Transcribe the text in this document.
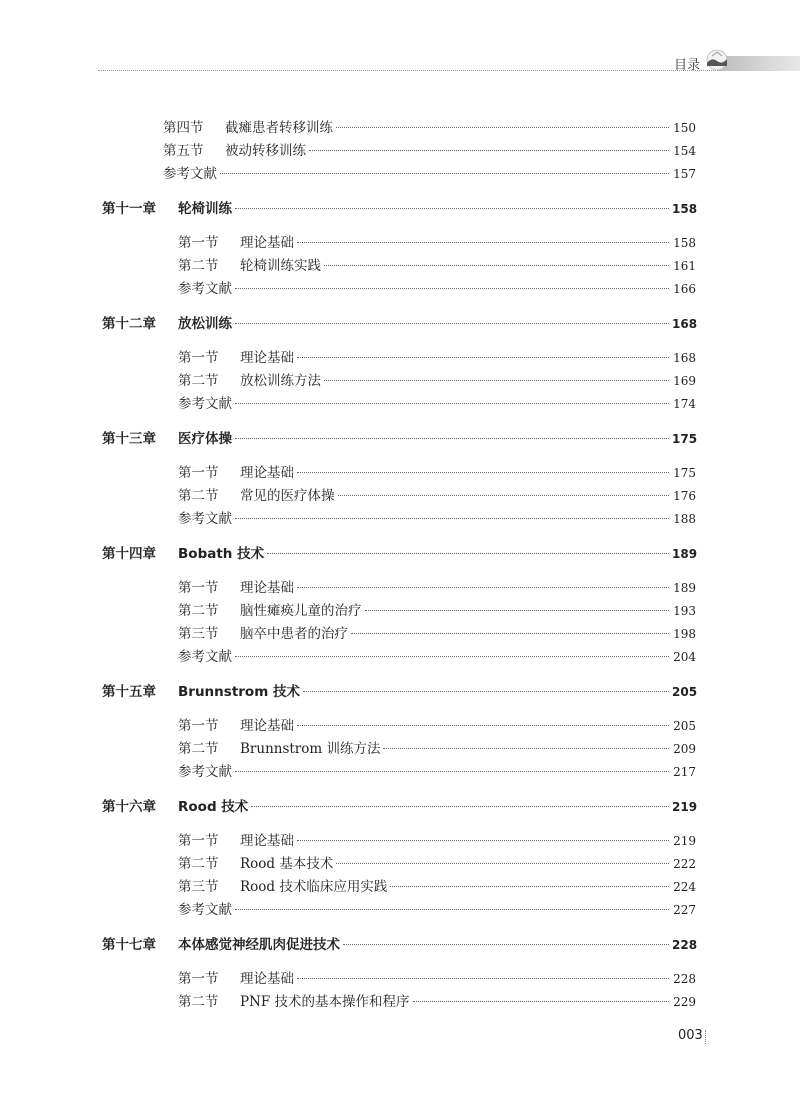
目录
第四节 截瘫患者转移训练	150
第五节 被动转移训练	154
参考文献	157
第十一章 轮椅训练	158
第一节 理论基础	158
第二节 轮椅训练实践	161
参考文献	166
第十二章 放松训练	168
第一节 理论基础	168
第二节 放松训练方法	169
参考文献	174
第十三章 医疗体操	175
第一节 理论基础	175
第二节 常见的医疗体操	176
参考文献	188
第十四章 Bobath 技术	189
第一节 理论基础	189
第二节 脑性瘫痪儿童的治疗	193
第三节 脑卒中患者的治疗	198
参考文献	204
第十五章 Brunnstrom 技术	205
第一节 理论基础	205
第二节 Brunnstrom 训练方法	209
参考文献	217
第十六章 Rood 技术	219
第一节 理论基础	219
第二节 Rood 基本技术	222
第三节 Rood 技术临床应用实践	224
参考文献	227
第十七章 本体感觉神经肌肉促进技术	228
第一节 理论基础	228
第二节 PNF 技术的基本操作和程序	229
003
